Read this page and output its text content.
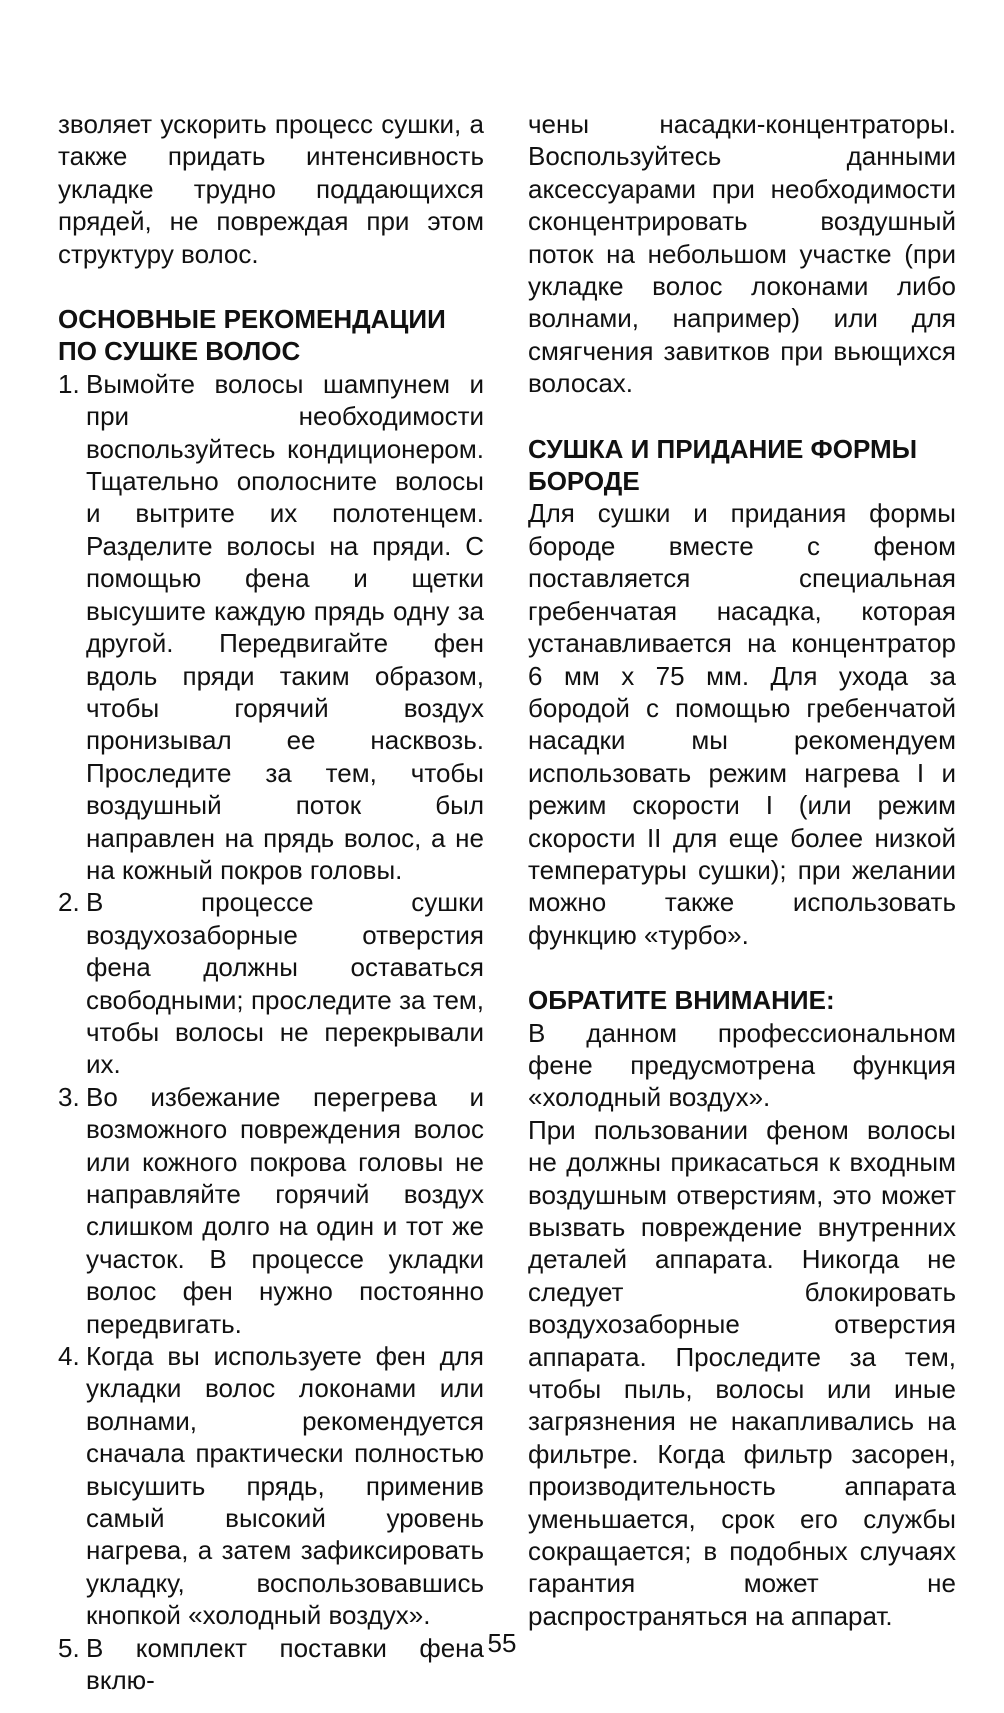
зволяет ускорить процесс сушки, а также придать интенсивность укладке трудно поддающихся прядей, не повреждая при этом структуру волос.

ОСНОВНЫЕ РЕКОМЕНДАЦИИ ПО СУШКЕ ВОЛОС
1. Вымойте волосы шампунем и при необходимости воспользуйтесь кондиционером. Тщательно ополосните волосы и вытрите их полотенцем. Разделите волосы на пряди. С помощью фена и щетки высушите каждую прядь одну за другой. Передвигайте фен вдоль пряди таким образом, чтобы горячий воздух пронизывал ее насквозь. Проследите за тем, чтобы воздушный поток был направлен на прядь волос, а не на кожный покров головы.
2. В процессе сушки воздухозаборные отверстия фена должны оставаться свободными; проследите за тем, чтобы волосы не перекрывали их.
3. Во избежание перегрева и возможного повреждения волос или кожного покрова головы не направляйте горячий воздух слишком долго на один и тот же участок. В процессе укладки волос фен нужно постоянно передвигать.
4. Когда вы используете фен для укладки волос локонами или волнами, рекомендуется сначала практически полностью высушить прядь, применив самый высокий уровень нагрева, а затем зафиксировать укладку, воспользовавшись кнопкой «холодный воздух».
5. В комплект поставки фена вклю-

чены насадки-концентраторы. Воспользуйтесь данными аксессуарами при необходимости сконцентрировать воздушный поток на небольшом участке (при укладке волос локонами либо волнами, например) или для смягчения завитков при вьющихся волосах.

СУШКА И ПРИДАНИЕ ФОРМЫ БОРОДЕ

Для сушки и придания формы бороде вместе с феном поставляется специальная гребенчатая насадка, которая устанавливается на концентратор 6 мм х 75 мм. Для ухода за бородой с помощью гребенчатой насадки мы рекомендуем использовать режим нагрева I и режим скорости I (или режим скорости II для еще более низкой температуры сушки); при желании можно также использовать функцию «турбо».

ОБРАТИТЕ ВНИМАНИЕ:

В данном профессиональном фене предусмотрена функция «холодный воздух».

При пользовании феном волосы не должны прикасаться к входным воздушным отверстиям, это может вызвать повреждение внутренних деталей аппарата. Никогда не следует блокировать воздухозаборные отверстия аппарата. Проследите за тем, чтобы пыль, волосы или иные загрязнения не накапливались на фильтре. Когда фильтр засорен, производительность аппарата уменьшается, срок его службы сокращается; в подобных случаях гарантия может не распространяться на аппарат.

55
